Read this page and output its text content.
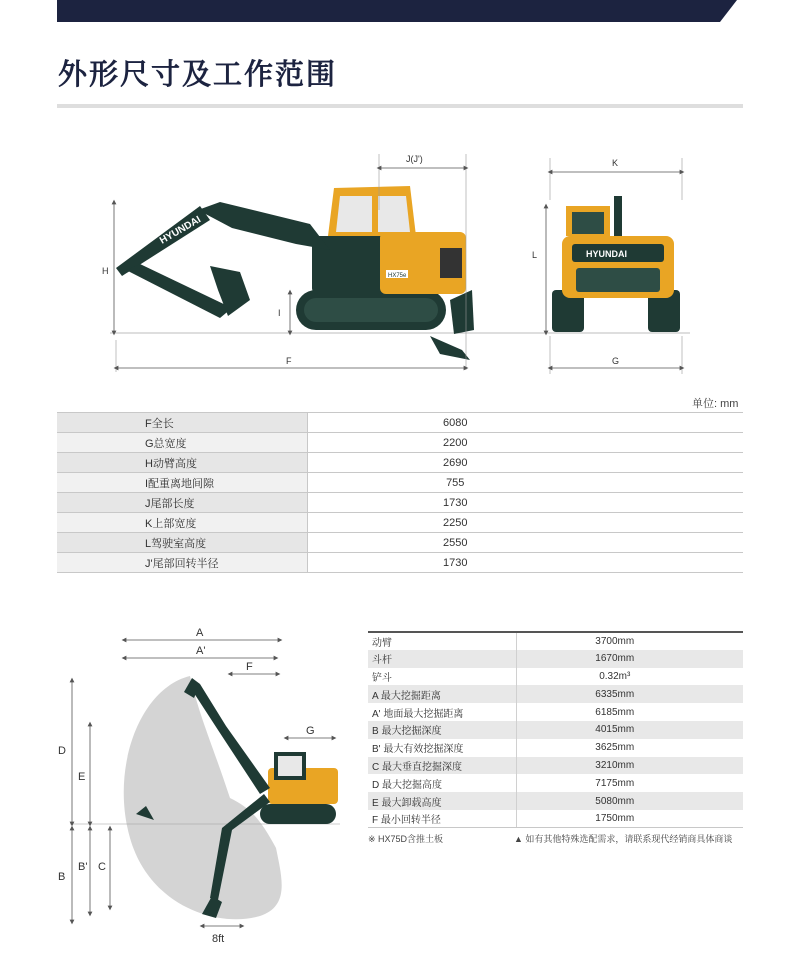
外形尺寸及工作范围
HYUNDAI
HX75e
H
I
J(J')
F
HYUNDAI
K
L
G
单位: mm
F全长	6080
G总宽度	2200
H动臂高度	2690
I配重离地间隙	755
J尾部长度	1730
K上部宽度	2250
L驾驶室高度	2550
J'尾部回转半径	1730
A
A'
F
G
D
E
B
B' C
8ft
动臂	3700mm
斗杆	1670mm
铲斗	0.32m³
A 最大挖掘距离	6335mm
A' 地面最大挖掘距离	6185mm
B 最大挖掘深度	4015mm
B' 最大有效挖掘深度	3625mm
C 最大垂直挖掘深度	3210mm
D 最大挖掘高度	7175mm
E 最大卸载高度	5080mm
F 最小回转半径	1750mm
※ HX75D含推土板	▲ 如有其他特殊选配需求，请联系现代经销商具体商谈
